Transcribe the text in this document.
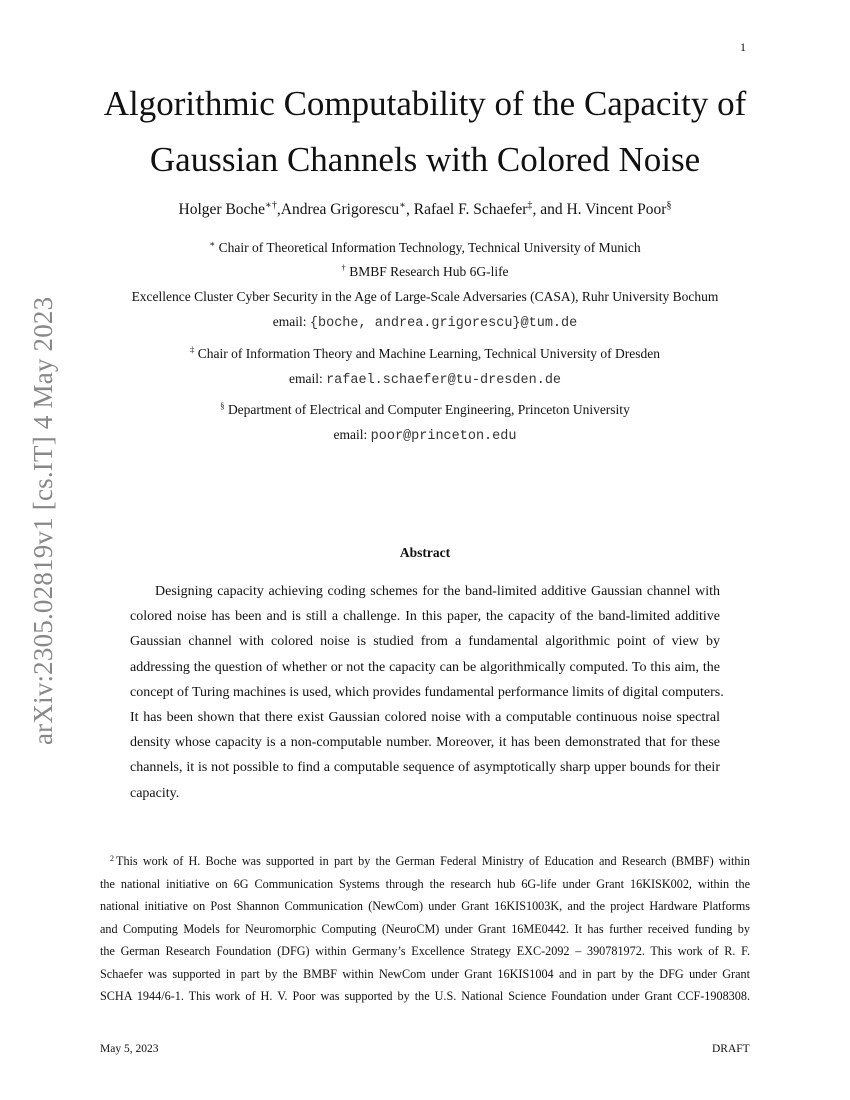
1
arXiv:2305.02819v1 [cs.IT] 4 May 2023
Algorithmic Computability of the Capacity of
Gaussian Channels with Colored Noise
Holger Boche∗†,Andrea Grigorescu∗, Rafael F. Schaefer‡, and H. Vincent Poor§
∗ Chair of Theoretical Information Technology, Technical University of Munich
† BMBF Research Hub 6G-life
Excellence Cluster Cyber Security in the Age of Large-Scale Adversaries (CASA), Ruhr University Bochum
email: {boche, andrea.grigorescu}@tum.de
‡ Chair of Information Theory and Machine Learning, Technical University of Dresden
email: rafael.schaefer@tu-dresden.de
§ Department of Electrical and Computer Engineering, Princeton University
email: poor@princeton.edu
Abstract
Designing capacity achieving coding schemes for the band-limited additive Gaussian channel with
colored noise has been and is still a challenge. In this paper, the capacity of the band-limited additive
Gaussian channel with colored noise is studied from a fundamental algorithmic point of view by
addressing the question of whether or not the capacity can be algorithmically computed. To this aim, the
concept of Turing machines is used, which provides fundamental performance limits of digital computers.
It has been shown that there exist Gaussian colored noise with a computable continuous noise spectral
density whose capacity is a non-computable number. Moreover, it has been demonstrated that for these
channels, it is not possible to find a computable sequence of asymptotically sharp upper bounds for their
capacity.
2 This work of H. Boche was supported in part by the German Federal Ministry of Education and Research (BMBF) within
the national initiative on 6G Communication Systems through the research hub 6G-life under Grant 16KISK002, within the
national initiative on Post Shannon Communication (NewCom) under Grant 16KIS1003K, and the project Hardware Platforms
and Computing Models for Neuromorphic Computing (NeuroCM) under Grant 16ME0442. It has further received funding by
the German Research Foundation (DFG) within Germany’s Excellence Strategy EXC-2092 – 390781972. This work of R. F.
Schaefer was supported in part by the BMBF within NewCom under Grant 16KIS1004 and in part by the DFG under Grant
SCHA 1944/6-1. This work of H. V. Poor was supported by the U.S. National Science Foundation under Grant CCF-1908308.
May 5, 2023	DRAFT
